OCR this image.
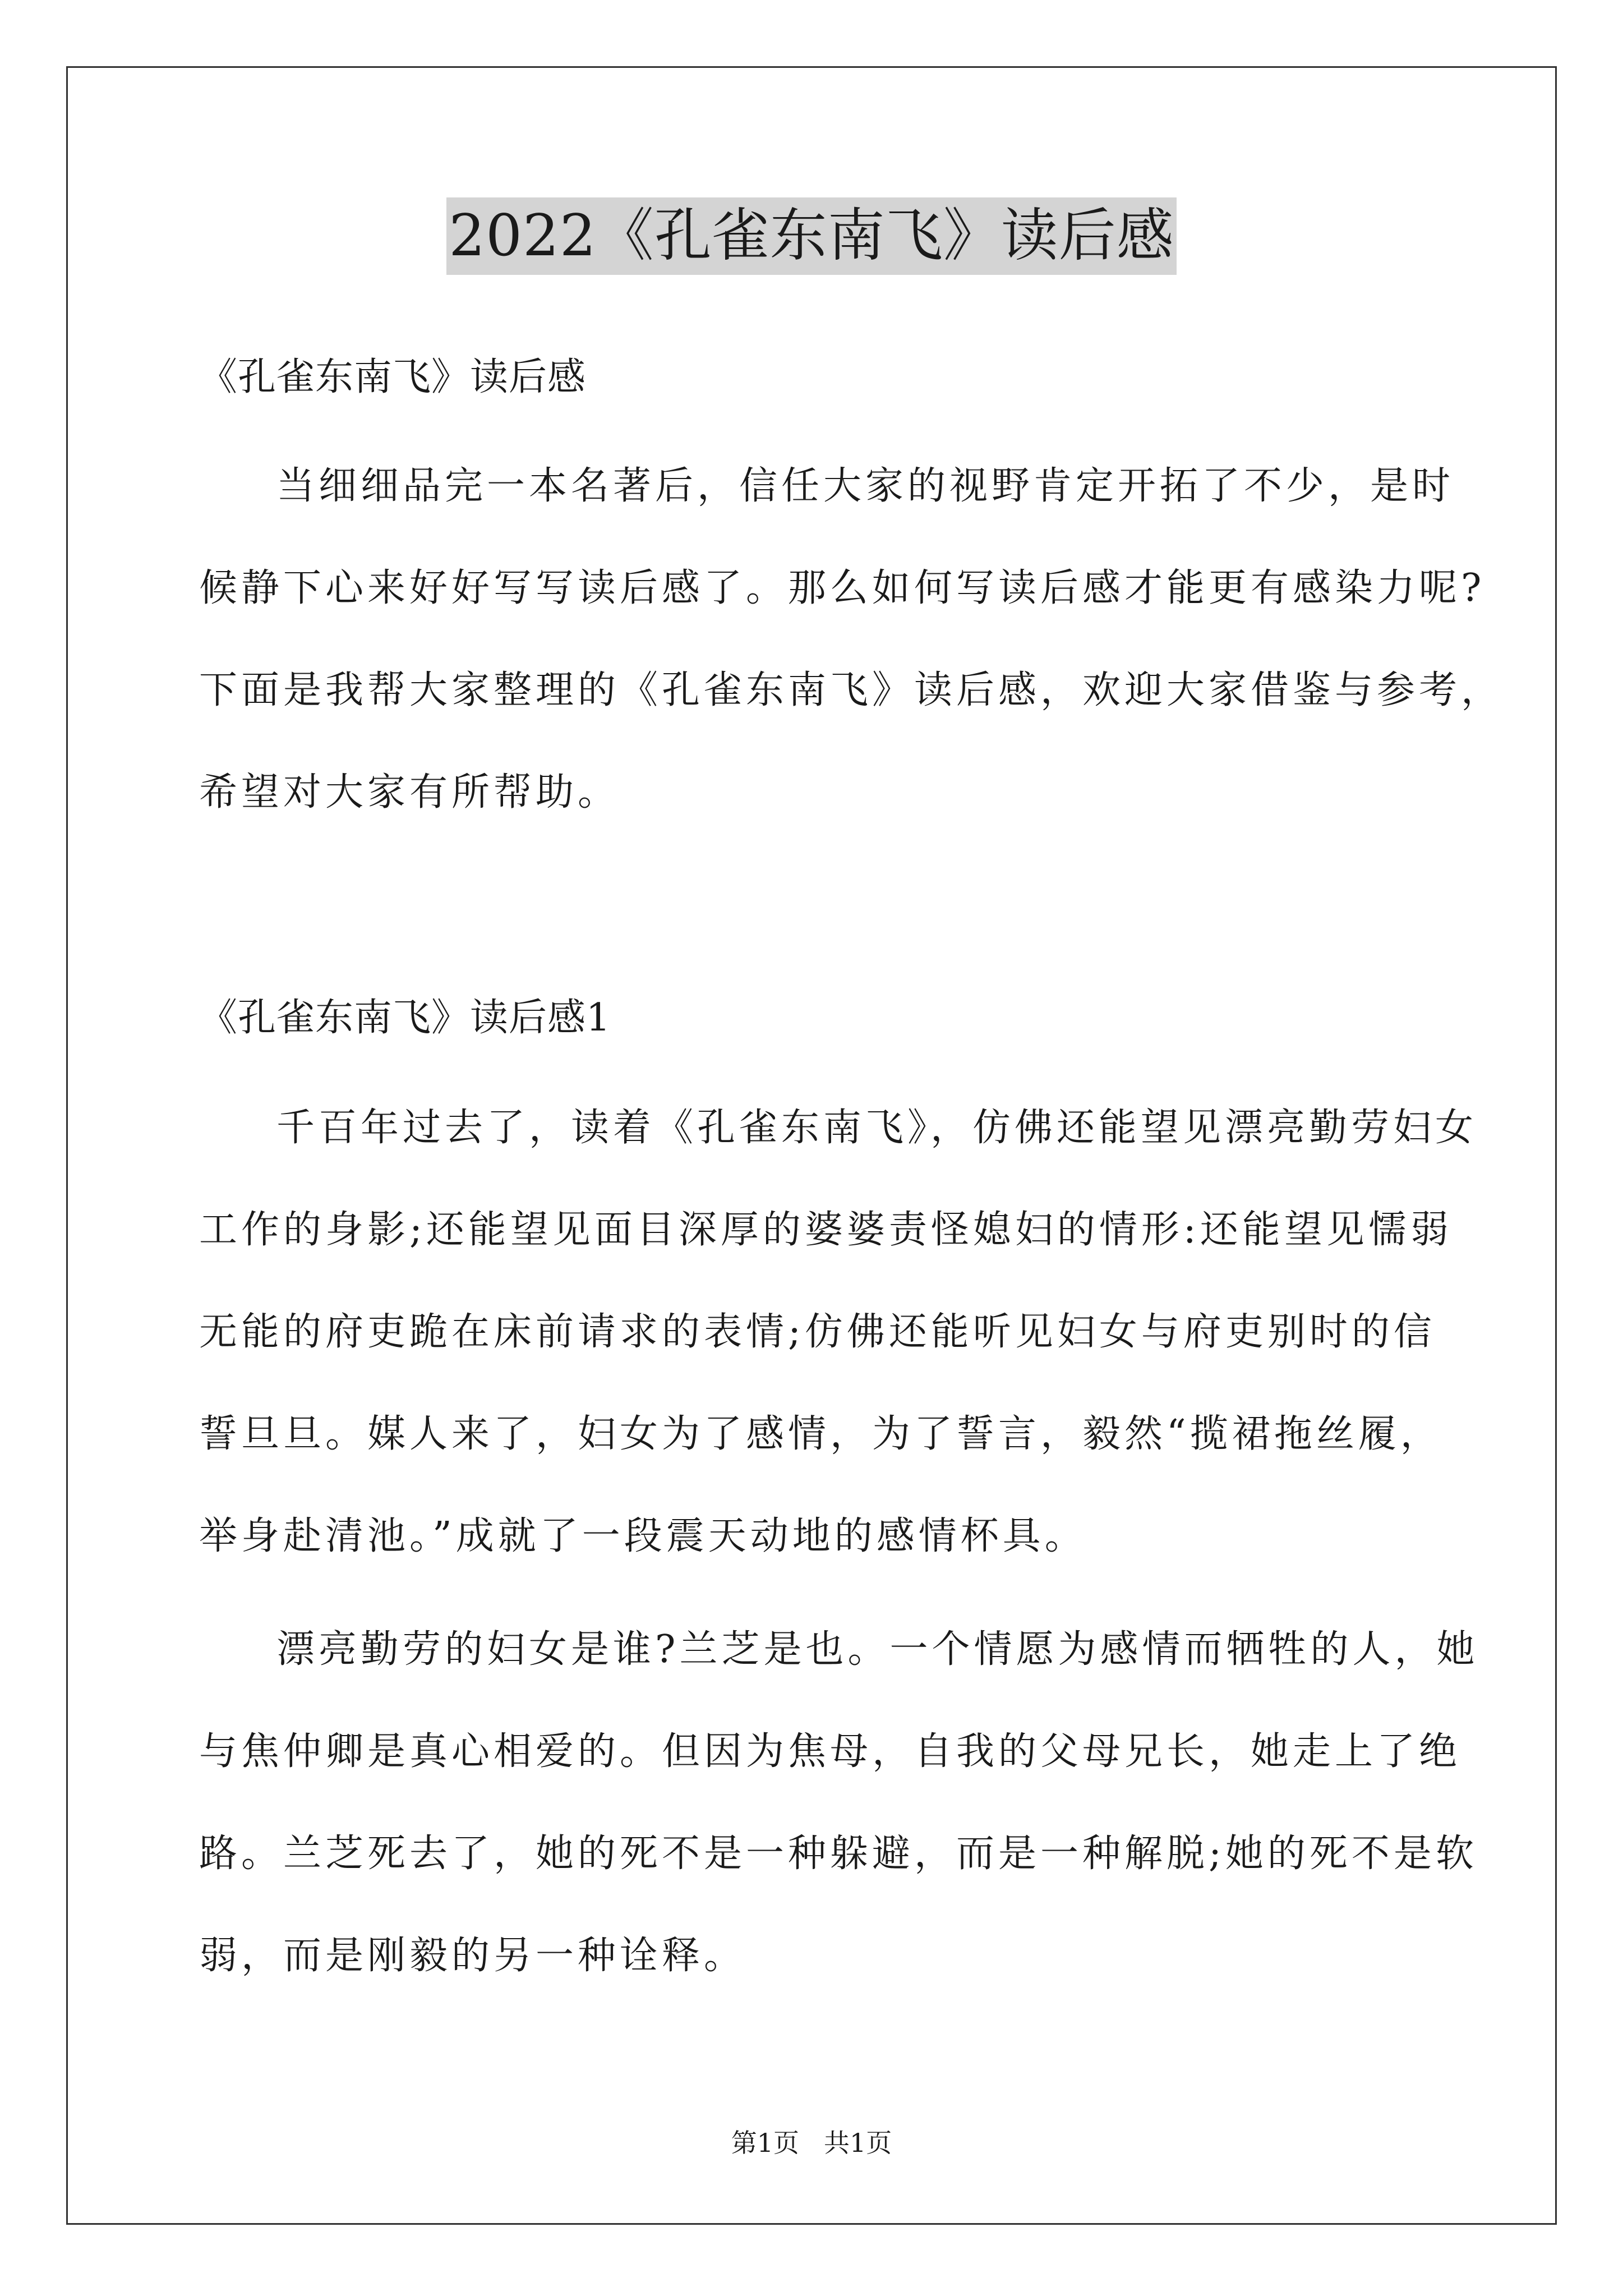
2022《孔雀东南飞》读后感
《孔雀东南飞》读后感
当细细品完一本名著后，信任大家的视野肯定开拓了不少，是时
候静下心来好好写写读后感了。那么如何写读后感才能更有感染力呢?
下面是我帮大家整理的《孔雀东南飞》读后感，欢迎大家借鉴与参考，
希望对大家有所帮助。
《孔雀东南飞》读后感1
千百年过去了，读着《孔雀东南飞》，仿佛还能望见漂亮勤劳妇女
工作的身影;还能望见面目深厚的婆婆责怪媳妇的情形:还能望见懦弱
无能的府吏跪在床前请求的表情;仿佛还能听见妇女与府吏别时的信
誓旦旦。媒人来了，妇女为了感情，为了誓言，毅然“揽裙拖丝履，
举身赴清池。”成就了一段震天动地的感情杯具。
漂亮勤劳的妇女是谁?兰芝是也。一个情愿为感情而牺牲的人，她
与焦仲卿是真心相爱的。但因为焦母，自我的父母兄长，她走上了绝
路。兰芝死去了，她的死不是一种躲避，而是一种解脱;她的死不是软
弱，而是刚毅的另一种诠释。
第1页 共1页
